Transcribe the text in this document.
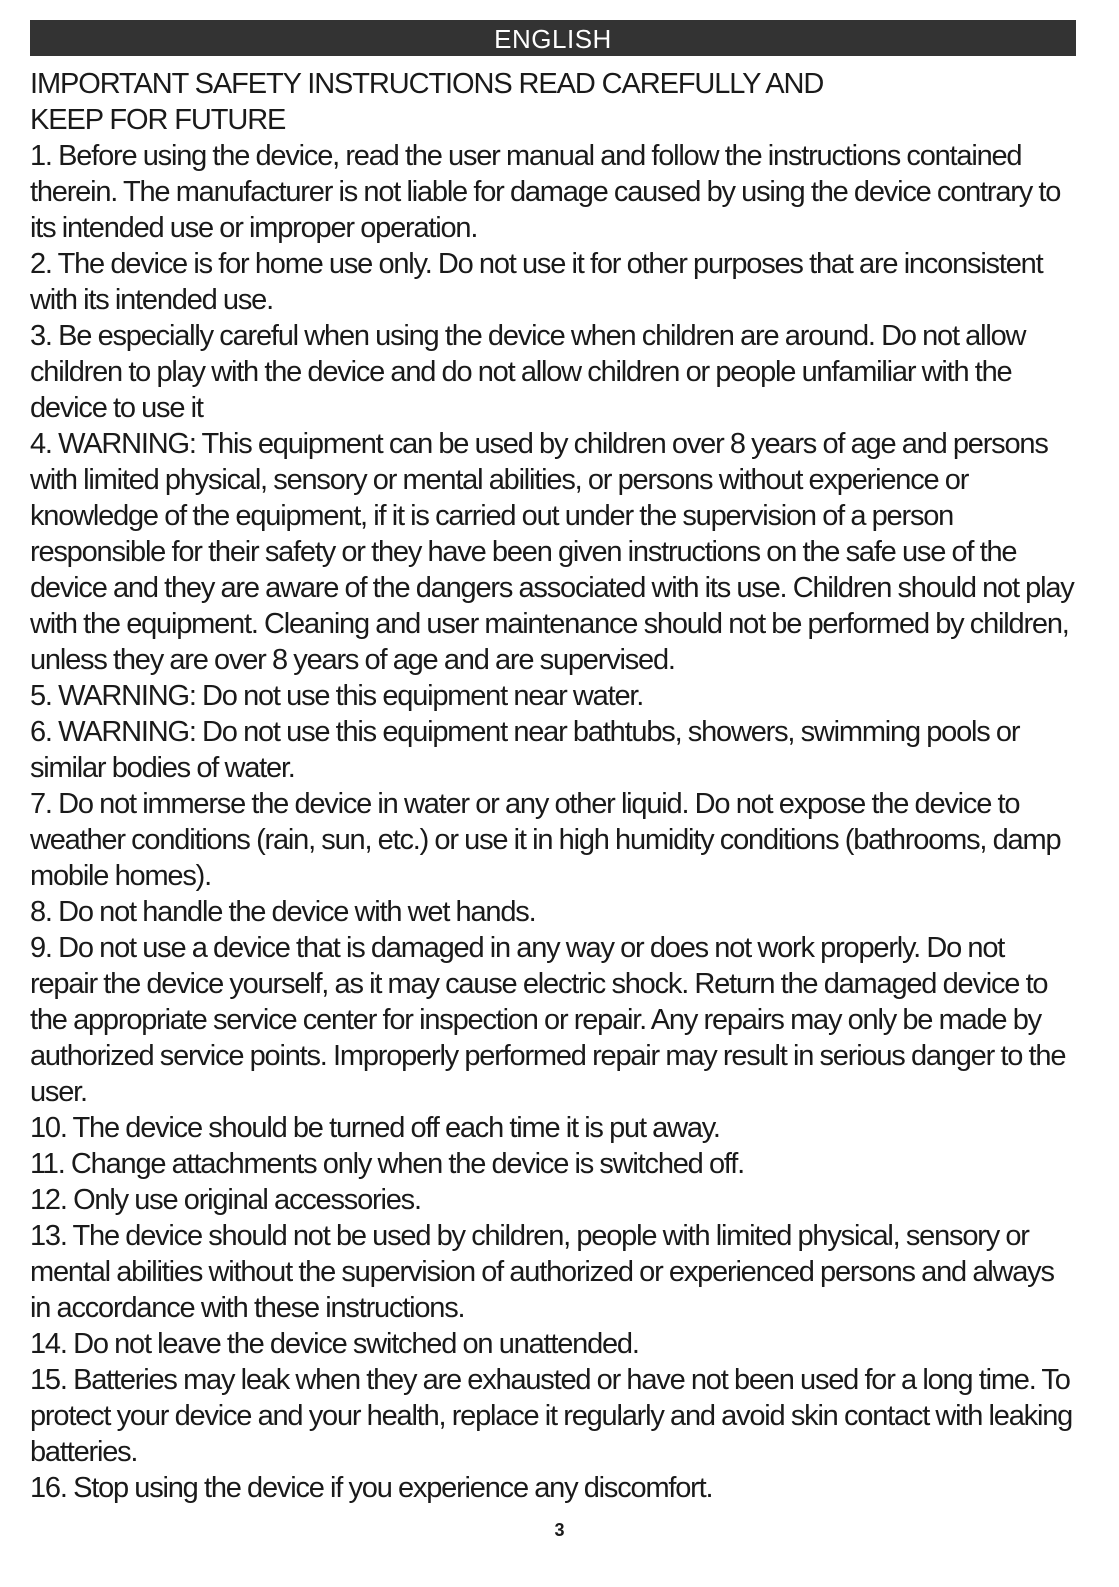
ENGLISH
IMPORTANT SAFETY INSTRUCTIONS READ CAREFULLY AND
KEEP FOR FUTURE
1. Before using the device, read the user manual and follow the instructions contained therein. The manufacturer is not liable for damage caused by using the device contrary to its intended use or improper operation.
2. The device is for home use only. Do not use it for other purposes that are inconsistent with its intended use.
3. Be especially careful when using the device when children are around. Do not allow children to play with the device and do not allow children or people unfamiliar with the device to use it
4. WARNING: This equipment can be used by children over 8 years of age and persons with limited physical, sensory or mental abilities, or persons without experience or knowledge of the equipment, if it is carried out under the supervision of a person responsible for their safety or they have been given instructions on the safe use of the device and they are aware of the dangers associated with its use. Children should not play with the equipment. Cleaning and user maintenance should not be performed by children, unless they are over 8 years of age and are supervised.
5. WARNING: Do not use this equipment near water.
6. WARNING: Do not use this equipment near bathtubs, showers, swimming pools or similar bodies of water.
7. Do not immerse the device in water or any other liquid. Do not expose the device to weather conditions (rain, sun, etc.) or use it in high humidity conditions (bathrooms, damp mobile homes).
8. Do not handle the device with wet hands.
9. Do not use a device that is damaged in any way or does not work properly. Do not repair the device yourself, as it may cause electric shock. Return the damaged device to the appropriate service center for inspection or repair. Any repairs may only be made by authorized service points. Improperly performed repair may result in serious danger to the user.
10. The device should be turned off each time it is put away.
11. Change attachments only when the device is switched off.
12. Only use original accessories.
13. The device should not be used by children, people with limited physical, sensory or mental abilities without the supervision of authorized or experienced persons and always in accordance with these instructions.
14. Do not leave the device switched on unattended.
15. Batteries may leak when they are exhausted or have not been used for a long time. To protect your device and your health, replace it regularly and avoid skin contact with leaking batteries.
16. Stop using the device if you experience any discomfort.
3
